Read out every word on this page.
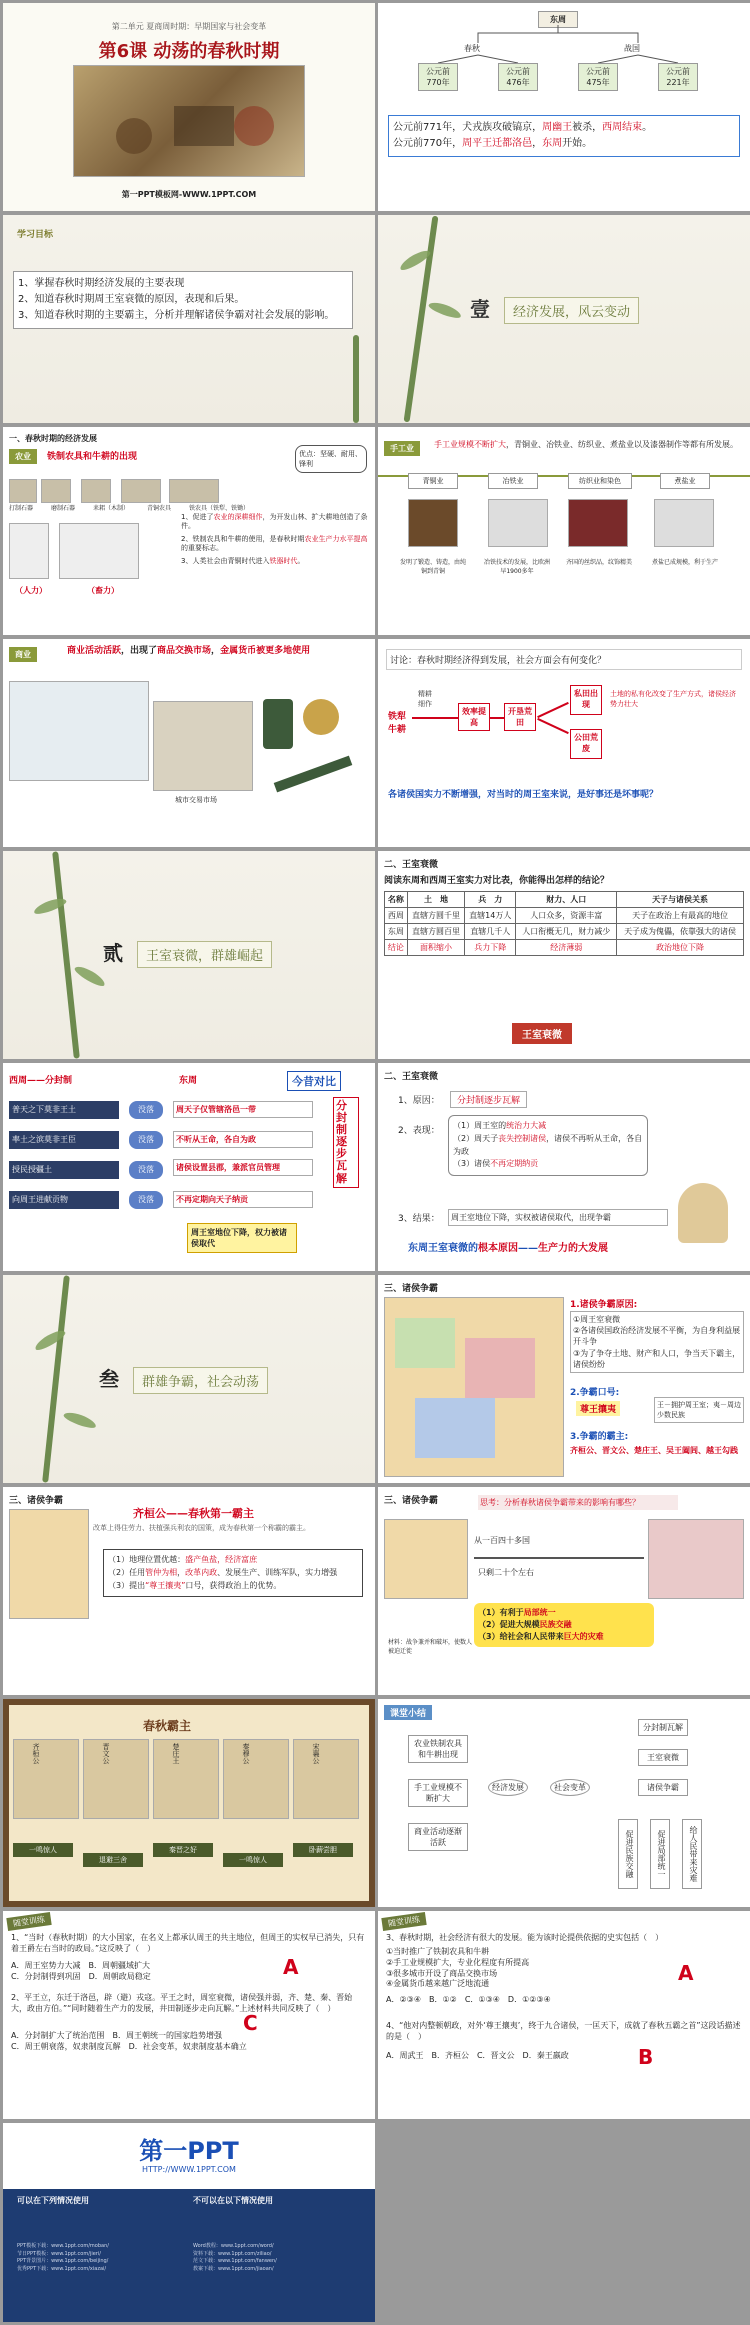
第二单元 夏商周时期：早期国家与社会变革
第6课 动荡的春秋时期
第一PPT模板网-WWW.1PPT.COM
东周
春秋	战国
公元前770年
公元前476年
公元前475年
公元前221年
公元前771年，犬戎族攻破镐京，周幽王被杀，西周结束。
公元前770年，周平王迁都洛邑，东周开始。
学习目标
1、掌握春秋时期经济发展的主要表现
2、知道春秋时期周王室衰微的原因，表现和后果。
3、知道春秋时期的主要霸主，分析并理解诸侯争霸对社会发展的影响。	壹	经济发展，风云变动
一、春秋时期的经济发展
农业	铁制农具和牛耕的出现	优点：坚硬、耐用、锋利
打制石器	磨制石器	耒耜（木制）	青铜农具	铁农具（铁犁、铁锄）
（人力）	（畜力）
1、促进了农业的深耕细作，为开发山林、扩大耕地创造了条件。
2、铁制农具和牛耕的使用，是春秋时期农业生产力水平提高的重要标志。
3、人类社会由青铜时代进入铁器时代。
手工业	手工业规模不断扩大，青铜业、冶铁业、纺织业、煮盐业以及漆器制作等都有所发展。
青铜业	冶铁业	纺织业和染色	煮盐业
发明了锻造、铸造，由纯铜到青铜
冶铁技术的发展，比欧洲早1900多年
齐国的丝织品，纹饰精美	煮盐已成规模，利于生产
商业	商业活动活跃，出现了商品交换市场，金属货币被更多地使用
城市交易市场
讨论：春秋时期经济得到发展，社会方面会有何变化？
铁犁牛耕
精耕细作
效率提高
开垦荒田
私田出现
公田荒废
土地的私有化改变了生产方式，诸侯经济势力壮大
各诸侯国实力不断增强，对当时的周王室来说，是好事还是坏事呢？
贰	王室衰微，群雄崛起
二、王室衰微
阅读东周和西周王室实力对比表，你能得出怎样的结论？
名称	土　地	兵　力	财力、人口	天子与诸侯关系
西周	直辖方圆千里	直辖14万人	人口众多，资源丰富	天子在政治上有最高的地位
东周	直辖方圆百里	直辖几千人	人口衔概无几，财力减少	天子成为傀儡，依靠强大的诸侯
结论	面积缩小	兵力下降	经济薄弱	政治地位下降
王室衰微
西周——分封制	东周	今昔对比
普天之下莫非王土
率土之滨莫非王臣
授民授疆土
向周王进献贡物
没落
没落
没落
没落
周天子仅管辖洛邑一带
不听从王命，各自为政
诸侯设置县郡，兼派官员管理
不再定期向天子纳贡
分封制逐步瓦解
周王室地位下降，权力被诸侯取代
二、王室衰微
1、原因：	分封制逐步瓦解
2、表现：
（1）周王室的统治力大减
（2）周天子丧失控制诸侯，诸侯不再听从王命，各自为政
（3）诸侯不再定期纳贡
3、结果：	周王室地位下降，实权被诸侯取代，出现争霸
东周王室衰微的根本原因——生产力的大发展
叁	群雄争霸，社会动荡
三、诸侯争霸
1.诸侯争霸原因:
①周王室衰微
②各诸侯国政治经济发展不平衡，为自身利益展开斗争
③为了争夺土地、财产和人口，争当天下霸主，诸侯纷纷
2.争霸口号:
尊王攘夷	王－拥护周王室；夷－周边少数民族
3.争霸的霸主:
齐桓公、晋文公、楚庄王、吴王阖闾、越王勾践
三、诸侯争霸
齐桓公——春秋第一霸主
改革上得住劳力、扶植强兵利农的国策，成为春秋第一个称霸的霸主。
（1）地理位置优越：盛产鱼盐，经济富庶
（2）任用管仲为相，改革内政、发展生产、训练军队，实力增强
（3）提出“尊王攘夷”口号，获得政治上的优势。
三、诸侯争霸	思考：分析春秋诸侯争霸带来的影响有哪些？
从一百四十多国
只剩二十个左右
（1）有利于局部统一
（2）促进大规模民族交融
（3）给社会和人民带来巨大的灾难
材料：战争兼并和破坏，使数人被迫迁徙
春秋霸主
齐桓公	晋文公	楚庄王	秦穆公	宋襄公
一鸣惊人
退避三舍
秦晋之好
一鸣惊人
卧薪尝胆
课堂小结
农业铁制农具和牛耕出现
手工业规模不断扩大
商业活动逐渐活跃
经济发展	社会变革
分封制瓦解
王室衰微
诸侯争霸
促进民族交融	促进局部统一	给人民带来灾难
随堂训练
1、“当时（春秋时期）的大小国家，在名义上都承认周王的共主地位，但周王的实权早已消失，只有着王爵左右当时的政局。”这反映了（　）
A．周王室势力大减　 B．周朝疆域扩大
C．分封制得到巩固　 D．周朝政局稳定	A
2、平王立，东迁于洛邑，辟（避）戎寇。平王之时，周室衰微，诸侯强并弱，齐、楚、秦、晋始大，政由方伯。”“同时随着生产力的发展，井田制逐步走向瓦解。”上述材料共同反映了（　）
A．分封制扩大了统治范围　 B．周王朝统一的国家趋势增强
C．周王朝衰落，奴隶制度瓦解　 D．社会变革，奴隶制度基本确立
C
随堂训练
3、春秋时期，社会经济有很大的发展。能为该时论提供依据的史实包括（　）
①当时推广了铁制农具和牛耕
②手工业规模扩大，专业化程度有所提高
③很多城市开设了商品交换市场
④金属货币越来越广泛地流通
A．②③④　B．①②　C．①③④　D．①②③④
A
4、“他对内整顿朝政，对外‘尊王攘夷’，终于九合诸侯，一匡天下，成就了春秋五霸之首”这段话描述的是（　）
A．周武王　B．齐桓公　C．晋文公　D．秦王嬴政	B
第一PPT
HTTP://WWW.1PPT.COM
可以在下列情况使用	不可以在以下情况使用
PPT模板下载：www.1ppt.com/moban/
节日PPT模板：www.1ppt.com/jieri/
PPT背景图片：www.1ppt.com/beijing/
优秀PPT下载：www.1ppt.com/xiazai/
Word教程：www.1ppt.com/word/
资料下载：www.1ppt.com/ziliao/
范文下载：www.1ppt.com/fanwen/
教案下载：www.1ppt.com/jiaoan/
